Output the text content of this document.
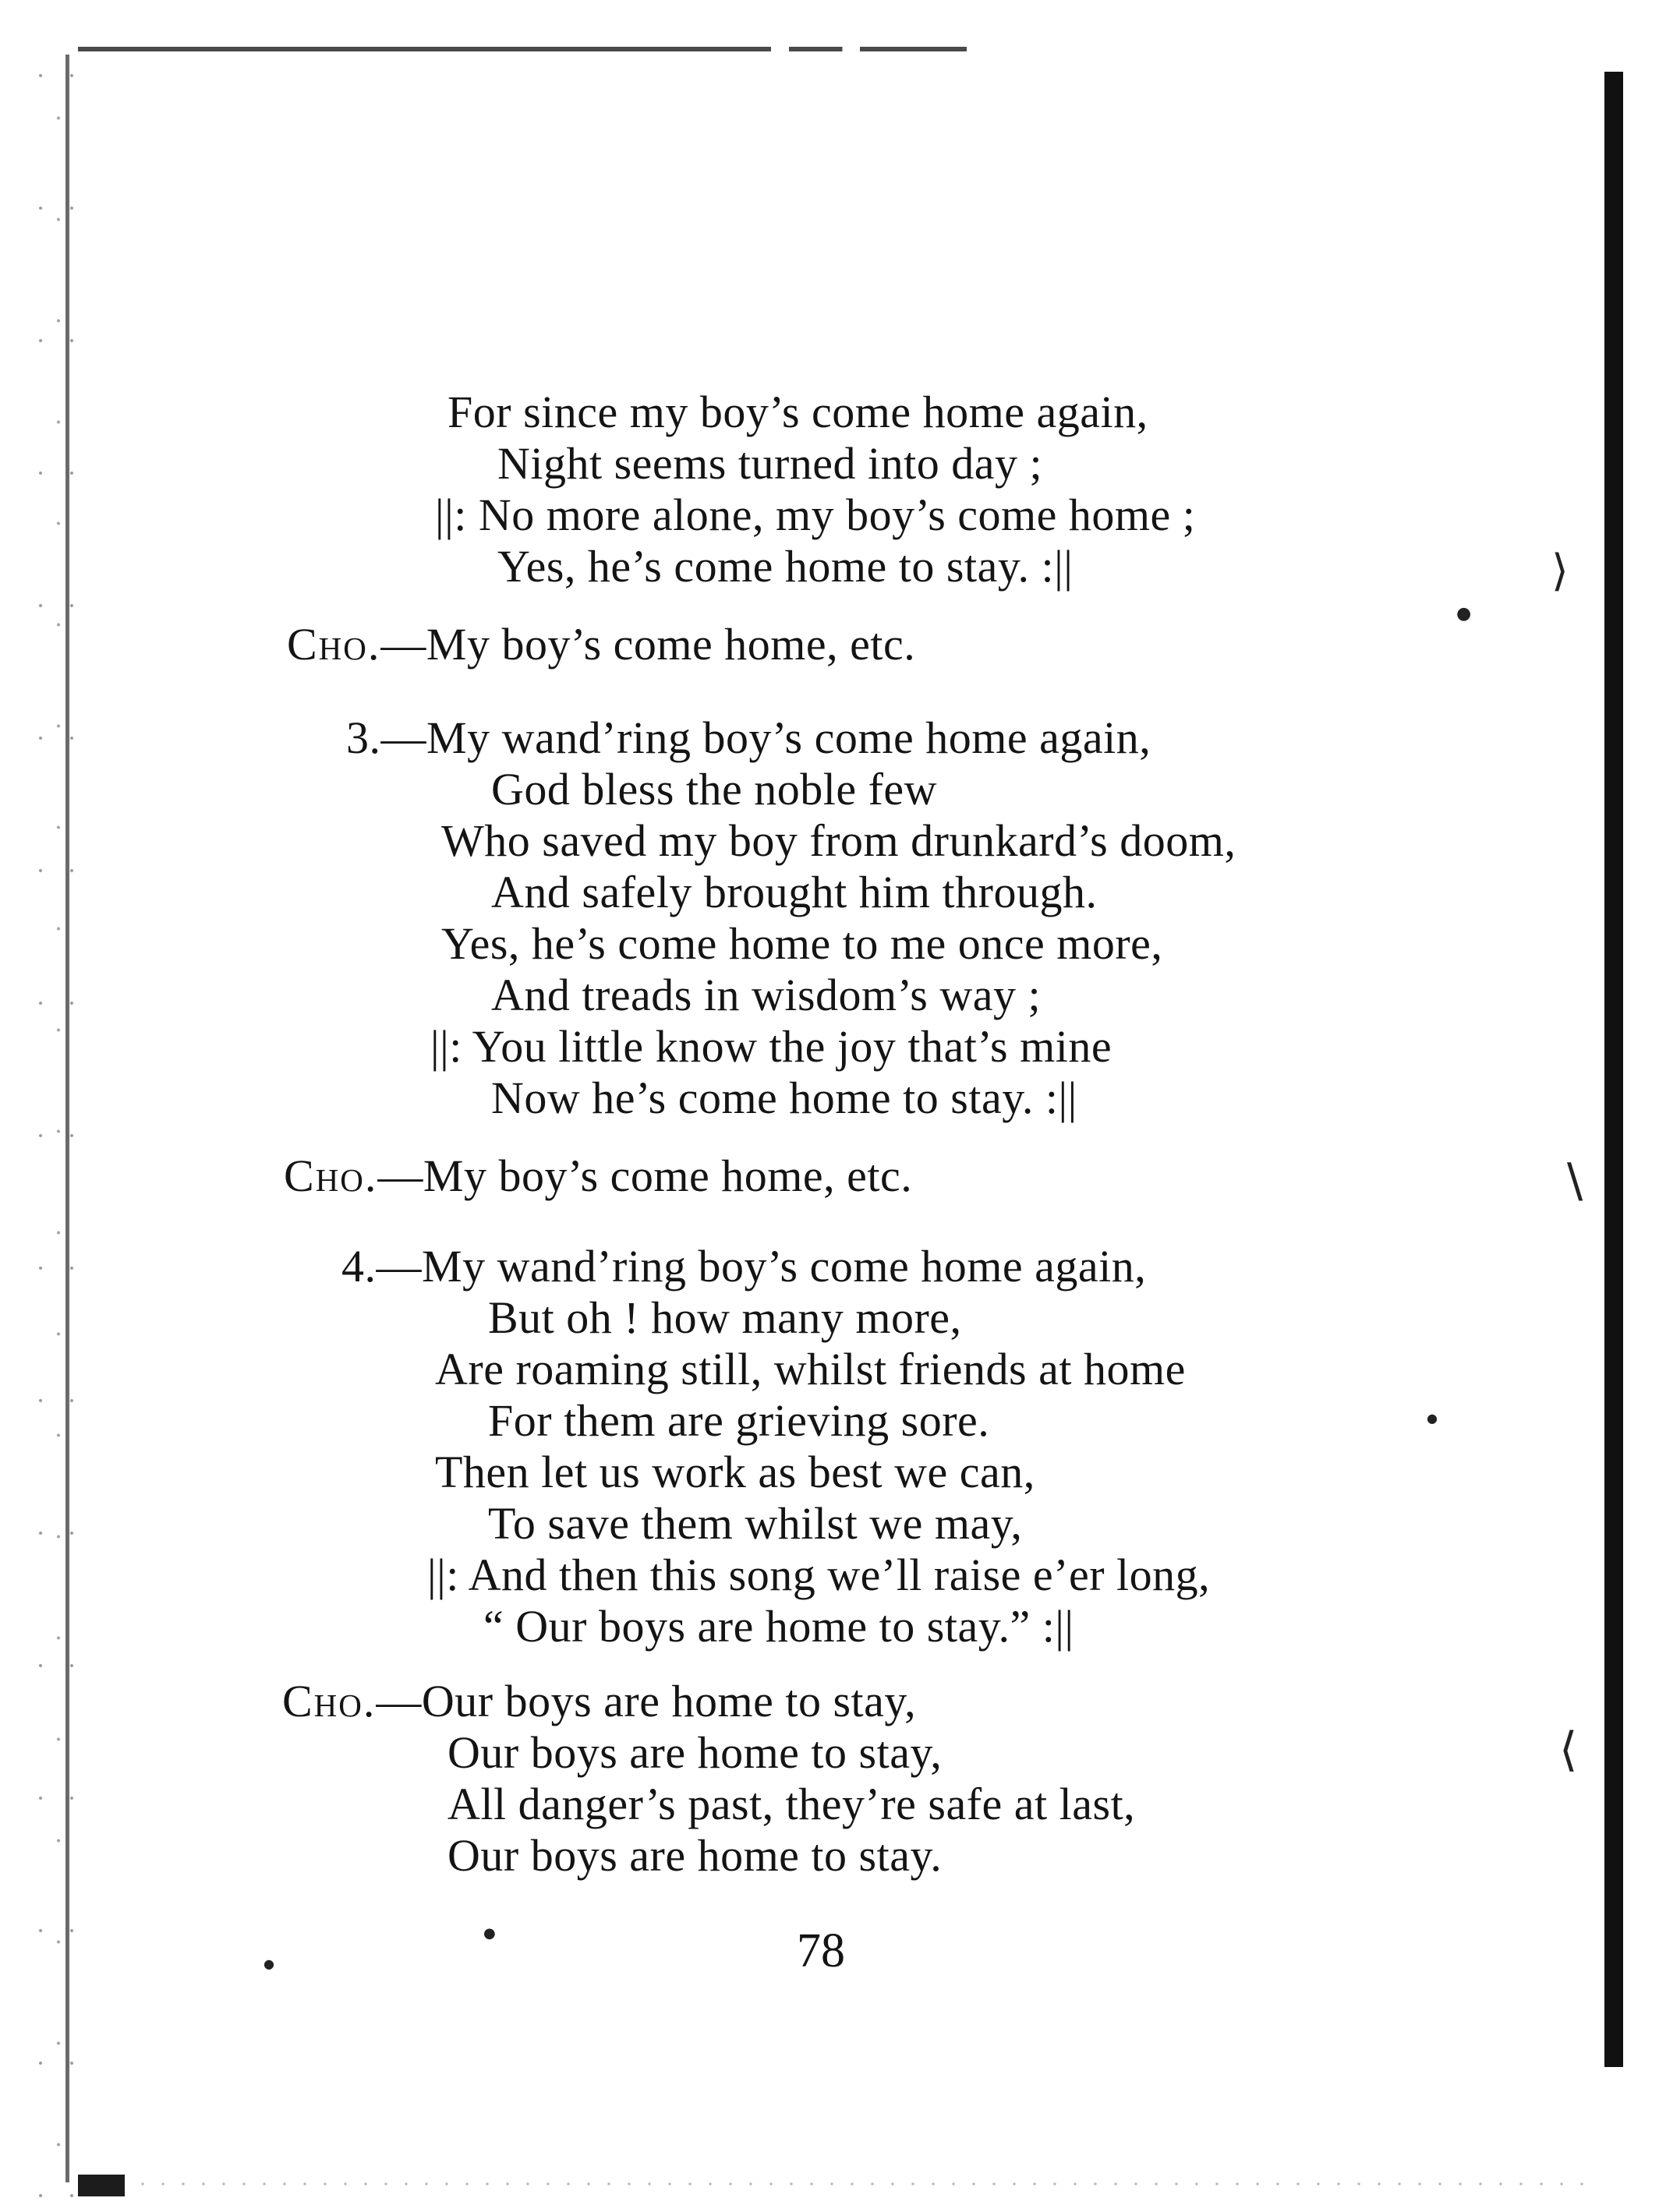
⟩
●
\
⟨
●
●
●
For since my boy’s come home again,
Night seems turned into day ;
||: No more alone, my boy’s come home ;
Yes, he’s come home to stay. :||
Cho.—My boy’s come home, etc.
3.—My wand’ring boy’s come home again,
God bless the noble few
Who saved my boy from drunkard’s doom,
And safely brought him through.
Yes, he’s come home to me once more,
And treads in wisdom’s way ;
||: You little know the joy that’s mine
Now he’s come home to stay. :||
Cho.—My boy’s come home, etc.
4.—My wand’ring boy’s come home again,
But oh ! how many more,
Are roaming still, whilst friends at home
For them are grieving sore.
Then let us work as best we can,
To save them whilst we may,
||: And then this song we’ll raise e’er long,
“ Our boys are home to stay.” :||
Cho.—Our boys are home to stay,
Our boys are home to stay,
All danger’s past, they’re safe at last,
Our boys are home to stay.
78
